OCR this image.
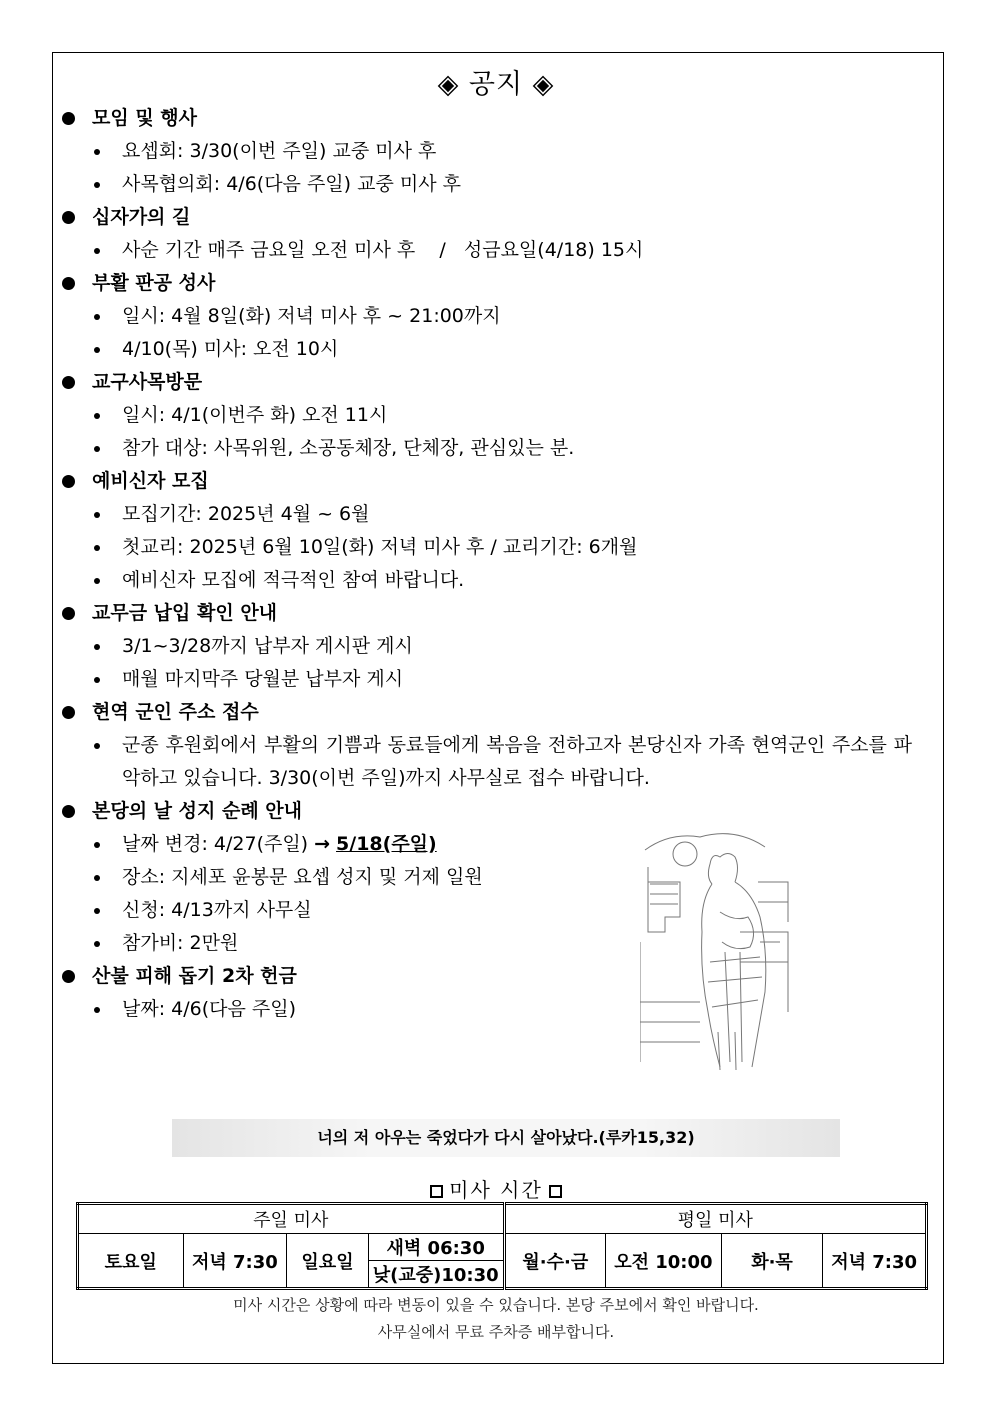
◈ 공지 ◈
모임 및 행사
요셉회: 3/30(이번 주일) 교중 미사 후
사목협의회: 4/6(다음 주일) 교중 미사 후
십자가의 길
사순 기간 매주 금요일 오전 미사 후    /   성금요일(4/18) 15시
부활 판공 성사
일시: 4월 8일(화) 저녁 미사 후 ~ 21:00까지
4/10(목) 미사: 오전 10시
교구사목방문
일시: 4/1(이번주 화) 오전 11시
참가 대상: 사목위원, 소공동체장, 단체장, 관심있는 분.
예비신자 모집
모집기간: 2025년 4월 ~ 6월
첫교리: 2025년 6월 10일(화) 저녁 미사 후 / 교리기간: 6개월
예비신자 모집에 적극적인 참여 바랍니다.
교무금 납입 확인 안내
3/1~3/28까지 납부자 게시판 게시
매월 마지막주 당월분 납부자 게시
현역 군인 주소 접수
군종 후원회에서 부활의 기쁨과 동료들에게 복음을 전하고자 본당신자 가족 현역군인 주소를 파악하고 있습니다. 3/30(이번 주일)까지 사무실로 접수 바랍니다.
본당의 날 성지 순례 안내
날짜 변경: 4/27(주일) → 5/18(주일)
장소: 지세포 윤봉문 요셉 성지 및 거제 일원
신청: 4/13까지 사무실
참가비: 2만원
산불 피해 돕기 2차 헌금
날짜: 4/6(다음 주일)
너의 저 아우는 죽었다가 다시 살아났다.(루카15,32)
미사 시간
주일 미사				평일 미사			
토요일	저녁 7:30	일요일	새벽 06:30	월·수·금	오전 10:00	화·목	저녁 7:30
			낮(교중)10:30				
미사 시간은 상황에 따라 변동이 있을 수 있습니다. 본당 주보에서 확인 바랍니다.
사무실에서 무료 주차증 배부합니다.
